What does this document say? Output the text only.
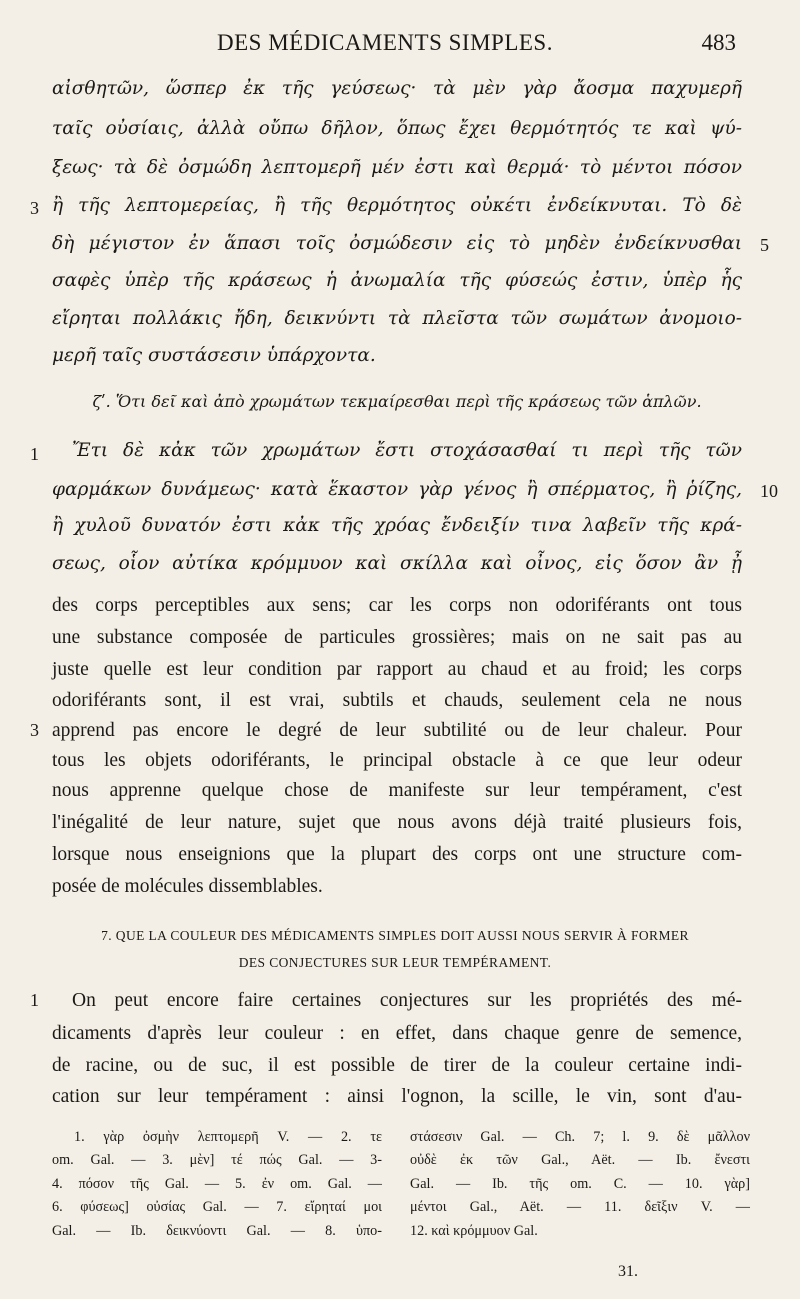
DES MÉDICAMENTS SIMPLES.	483
αἰσθητῶν, ὥσπερ ἐκ τῆς γεύσεως· τὰ μὲν γὰρ ἄοσμα παχυμερῆ
ταῖς οὐσίαις, ἀλλὰ οὔπω δῆλον, ὅπως ἔχει θερμότητός τε καὶ ψύ-
ξεως· τὰ δὲ ὀσμώδη λεπτομερῆ μέν ἐστι καὶ θερμά· τὸ μέντοι πόσον
ἢ τῆς λεπτομερείας, ἢ τῆς θερμότητος οὐκέτι ἐνδείκνυται. Τὸ δὲ
δὴ μέγιστον ἐν ἅπασι τοῖς ὀσμώδεσιν εἰς τὸ μηδὲν ἐνδείκνυσθαι
σαφὲς ὑπὲρ τῆς κράσεως ἡ ἀνωμαλία τῆς φύσεώς ἐστιν, ὑπὲρ ἧς
εἴρηται πολλάκις ἤδη, δεικνύντι τὰ πλεῖστα τῶν σωμάτων ἀνομοιο-
μερῆ ταῖς συστάσεσιν ὑπάρχοντα.
3
5
ζʹ. Ὅτι δεῖ καὶ ἀπὸ χρωμάτων τεκμαίρεσθαι περὶ τῆς κράσεως τῶν ἁπλῶν.
Ἔτι δὲ κἀκ τῶν χρωμάτων ἔστι στοχάσασθαί τι περὶ τῆς τῶν
φαρμάκων δυνάμεως· κατὰ ἕκαστον γὰρ γένος ἢ σπέρματος, ἢ ῥίζης,
ἢ χυλοῦ δυνατόν ἐστι κἀκ τῆς χρόας ἔνδειξίν τινα λαβεῖν τῆς κρά-
σεως, οἷον αὐτίκα κρόμμυον καὶ σκίλλα καὶ οἶνος, εἰς ὅσον ἂν ᾖ
1
10
des corps perceptibles aux sens; car les corps non odoriférants ont tous
une substance composée de particules grossières; mais on ne sait pas au
juste quelle est leur condition par rapport au chaud et au froid; les corps
odoriférants sont, il est vrai, subtils et chauds, seulement cela ne nous
apprend pas encore le degré de leur subtilité ou de leur chaleur. Pour
tous les objets odoriférants, le principal obstacle à ce que leur odeur
nous apprenne quelque chose de manifeste sur leur tempérament, c'est
l'inégalité de leur nature, sujet que nous avons déjà traité plusieurs fois,
lorsque nous enseignions que la plupart des corps ont une structure com-
posée de molécules dissemblables.
3
7. QUE LA COULEUR DES MÉDICAMENTS SIMPLES DOIT AUSSI NOUS SERVIR À FORMER
DES CONJECTURES SUR LEUR TEMPÉRAMENT.
On peut encore faire certaines conjectures sur les propriétés des mé-
dicaments d'après leur couleur : en effet, dans chaque genre de semence,
de racine, ou de suc, il est possible de tirer de la couleur certaine indi-
cation sur leur tempérament : ainsi l'ognon, la scille, le vin, sont d'au-
1
1. γὰρ ὀσμὴν λεπτομερῆ V. — 2. τε
om. Gal. — 3. μὲν] τέ πώς Gal. — 3-
4. πόσον τῆς Gal. — 5. ἐν om. Gal. —
6. φύσεως] οὐσίας Gal. — 7. εἴρηταί μοι
Gal. — Ib. δεικνύοντι Gal. — 8. ὑπο-
στάσεσιν Gal. — Ch. 7; l. 9. δὲ μᾶλλον
οὐδὲ ἐκ τῶν Gal., Aët. — Ib. ἔνεστι
Gal. — Ib. τῆς om. C. — 10. γὰρ]
μέντοι Gal., Aët. — 11. δεῖξιν V. —
12. καὶ κρόμμυον Gal.
31.
